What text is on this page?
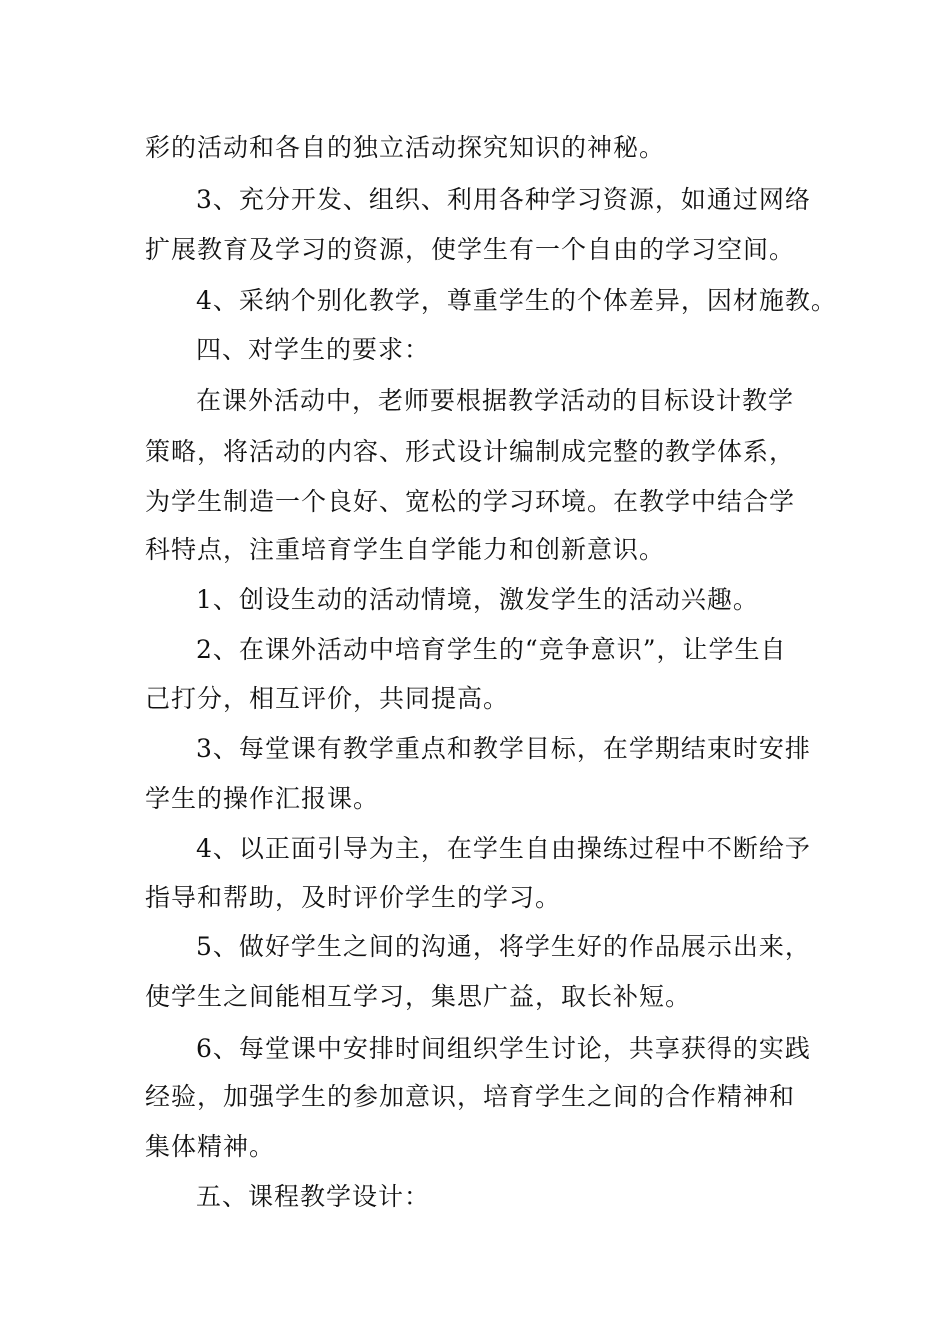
彩的活动和各自的独立活动探究知识的神秘。
3、充分开发、组织、利用各种学习资源，如通过网络
扩展教育及学习的资源，使学生有一个自由的学习空间。
4、采纳个别化教学，尊重学生的个体差异，因材施教。
四、对学生的要求：
在课外活动中，老师要根据教学活动的目标设计教学
策略，将活动的内容、形式设计编制成完整的教学体系，
为学生制造一个良好、宽松的学习环境。在教学中结合学
科特点，注重培育学生自学能力和创新意识。
1、创设生动的活动情境，激发学生的活动兴趣。
2、在课外活动中培育学生的“竞争意识”，让学生自
己打分，相互评价，共同提高。
3、每堂课有教学重点和教学目标，在学期结束时安排
学生的操作汇报课。
4、以正面引导为主，在学生自由操练过程中不断给予
指导和帮助，及时评价学生的学习。
5、做好学生之间的沟通，将学生好的作品展示出来，
使学生之间能相互学习，集思广益，取长补短。
6、每堂课中安排时间组织学生讨论，共享获得的实践
经验，加强学生的参加意识，培育学生之间的合作精神和
集体精神。
五、课程教学设计：
